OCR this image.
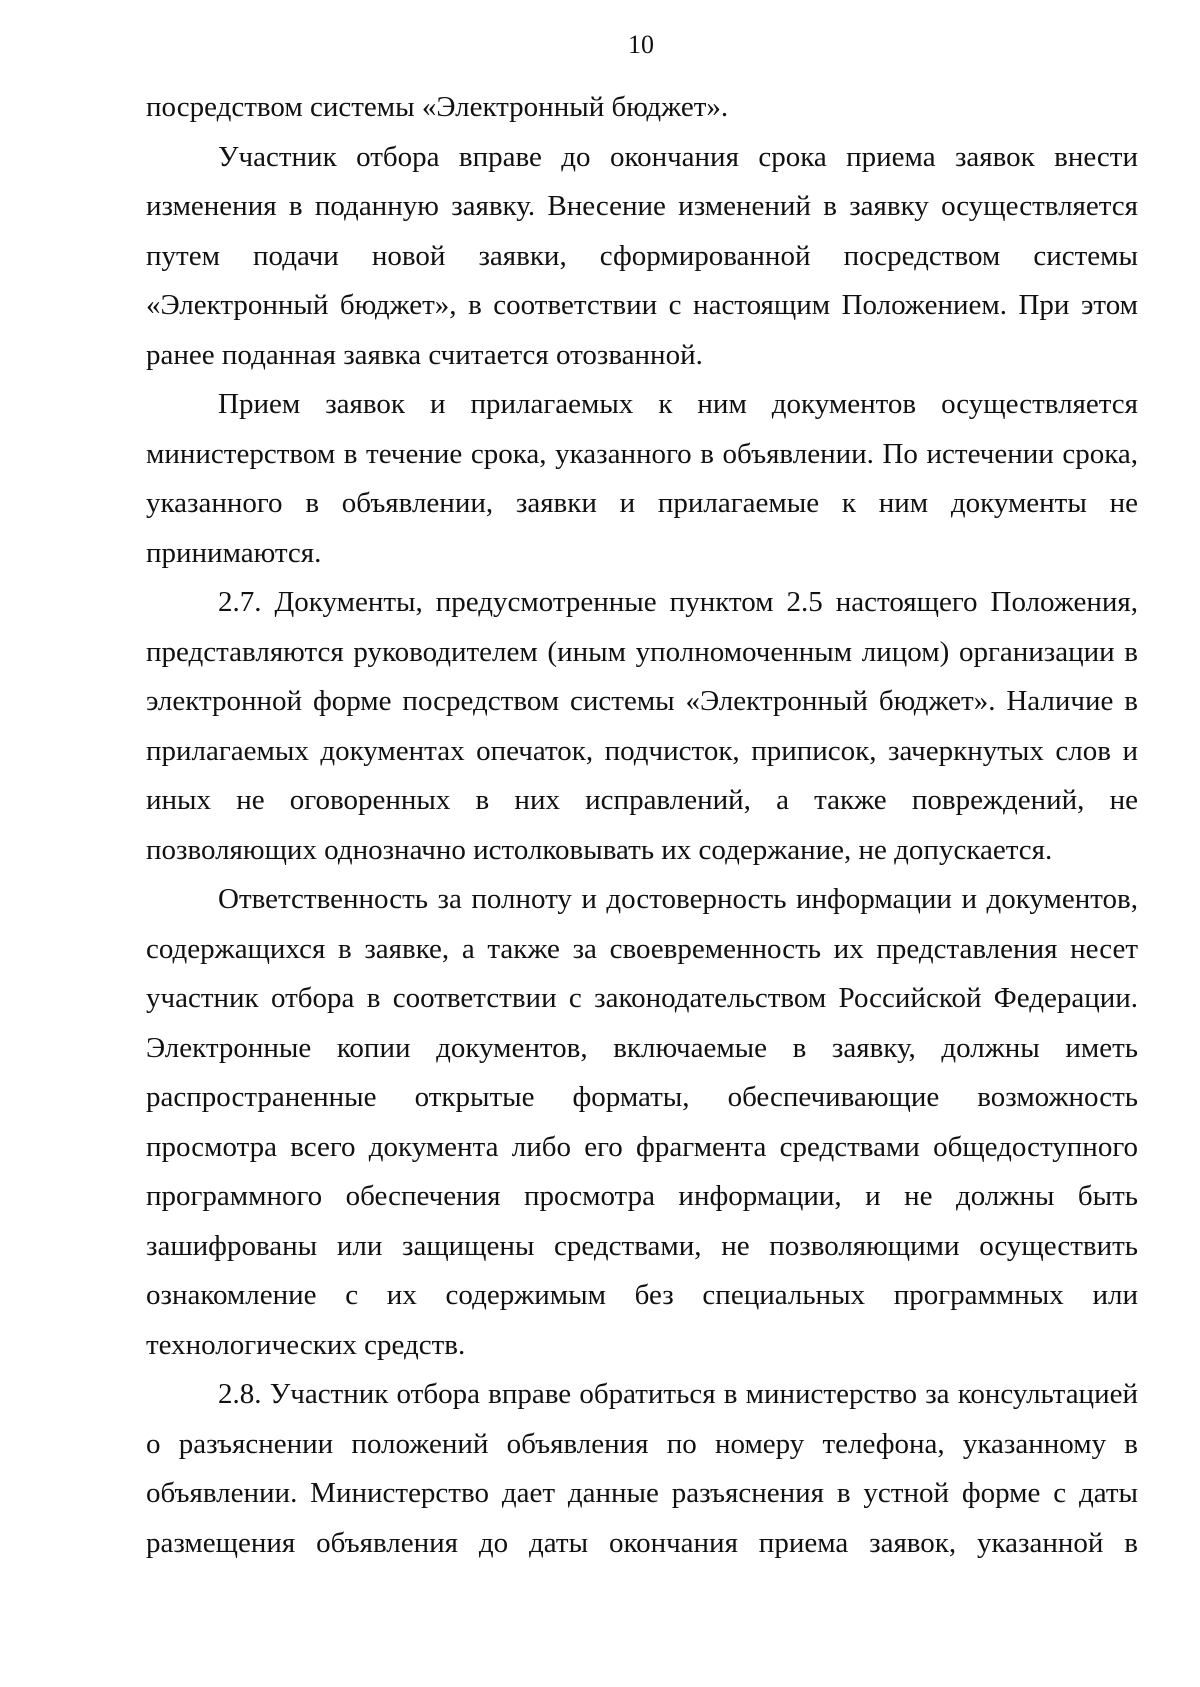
10

посредством системы «Электронный бюджет».

Участник отбора вправе до окончания срока приема заявок внести изменения в поданную заявку. Внесение изменений в заявку осуществляется путем подачи новой заявки, сформированной посредством системы «Электронный бюджет», в соответствии с настоящим Положением. При этом ранее поданная заявка считается отозванной.

Прием заявок и прилагаемых к ним документов осуществляется министерством в течение срока, указанного в объявлении. По истечении срока, указанного в объявлении, заявки и прилагаемые к ним документы не принимаются.

2.7. Документы, предусмотренные пунктом 2.5 настоящего Положения, представляются руководителем (иным уполномоченным лицом) организации в электронной форме посредством системы «Электронный бюджет». Наличие в прилагаемых документах опечаток, подчисток, приписок, зачеркнутых слов и иных не оговоренных в них исправлений, а также повреждений, не позволяющих однозначно истолковывать их содержание, не допускается.

Ответственность за полноту и достоверность информации и документов, содержащихся в заявке, а также за своевременность их представления несет участник отбора в соответствии с законодательством Российской Федерации. Электронные копии документов, включаемые в заявку, должны иметь распространенные открытые форматы, обеспечивающие возможность просмотра всего документа либо его фрагмента средствами общедоступного программного обеспечения просмотра информации, и не должны быть зашифрованы или защищены средствами, не позволяющими осуществить ознакомление с их содержимым без специальных программных или технологических средств.

2.8. Участник отбора вправе обратиться в министерство за консультацией о разъяснении положений объявления по номеру телефона, указанному в объявлении. Министерство дает данные разъяснения в устной форме с даты размещения объявления до даты окончания приема заявок, указанной в
